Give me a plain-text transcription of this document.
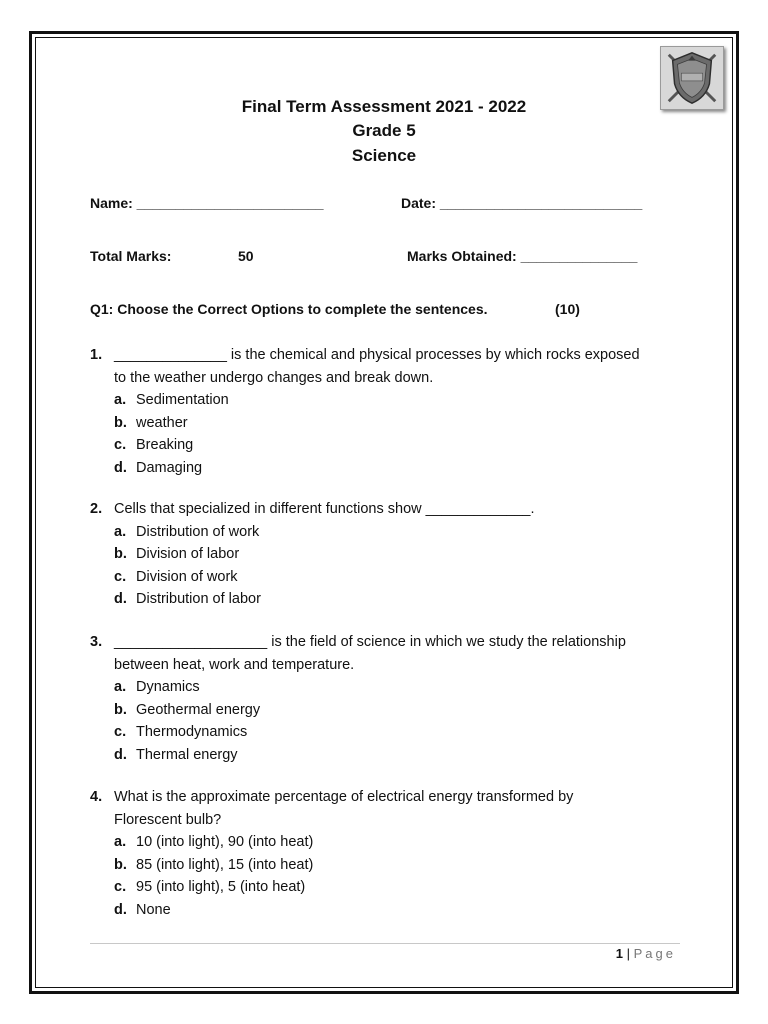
Final Term Assessment 2021 - 2022
Grade 5
Science
Name: ________________________	Date: __________________________
Total Marks:	50	Marks Obtained: _______________
Q1: Choose the Correct Options to complete the sentences.	(10)
1. ______________ is the chemical and physical processes by which rocks exposed
to the weather undergo changes and break down.
a. Sedimentation
b. weather
c. Breaking
d. Damaging
2. Cells that specialized in different functions show _____________.
a. Distribution of work
b. Division of labor
c. Division of work
d. Distribution of labor
3. ___________________ is the field of science in which we study the relationship
between heat, work and temperature.
a. Dynamics
b. Geothermal energy
c. Thermodynamics
d. Thermal energy
4. What is the approximate percentage of electrical energy transformed by
Florescent bulb?
a. 10 (into light), 90 (into heat)
b. 85 (into light), 15 (into heat)
c. 95 (into light), 5 (into heat)
d. None
1 | Page
